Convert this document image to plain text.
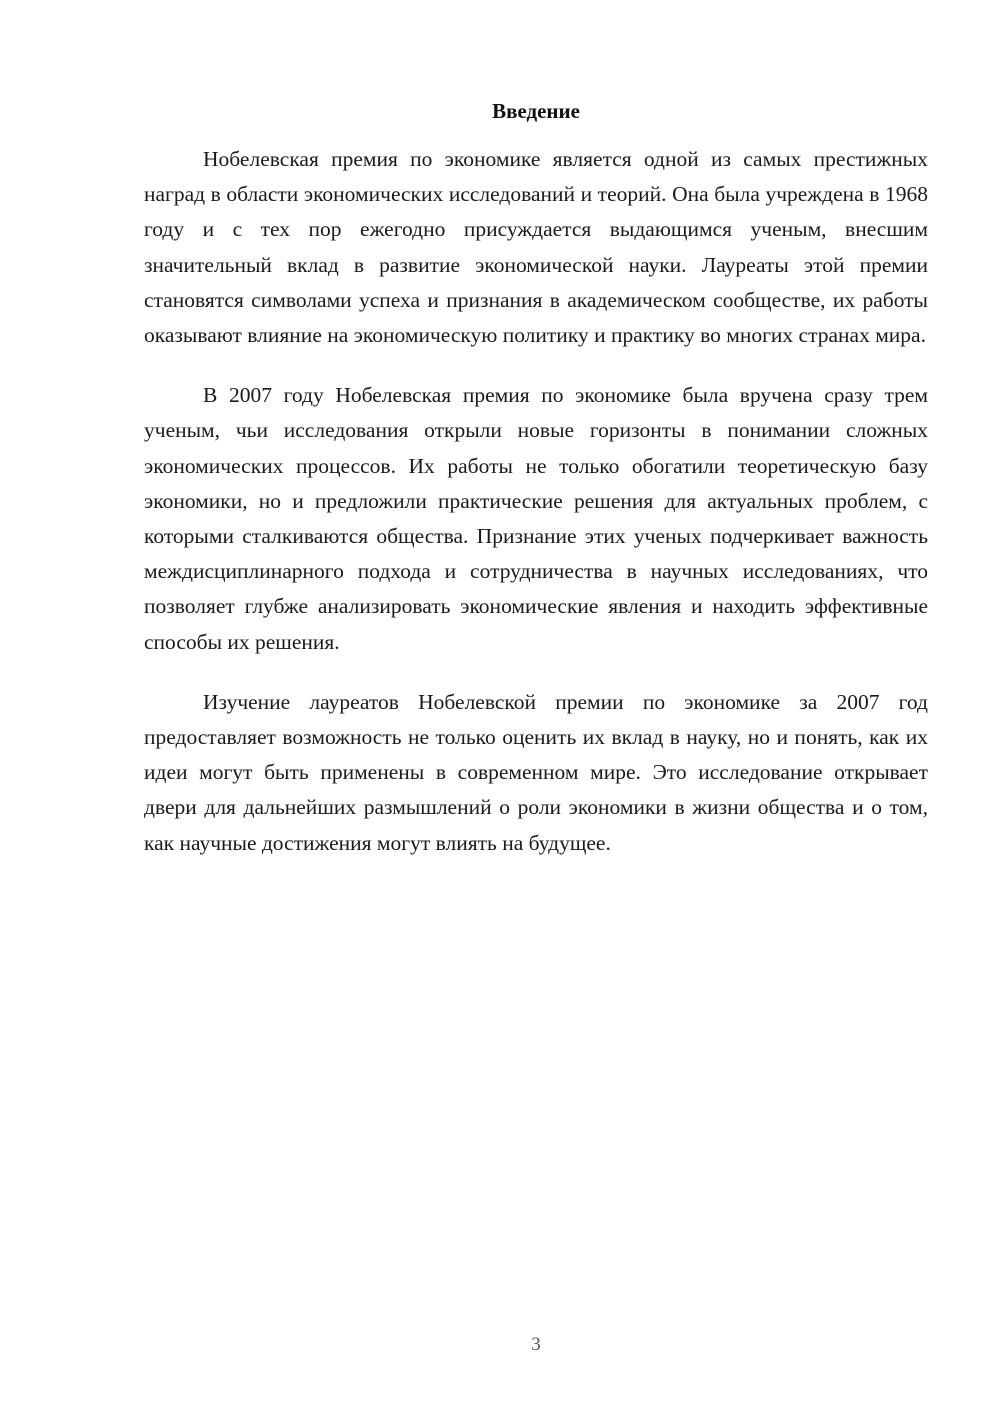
Введение

Нобелевская премия по экономике является одной из самых престижных наград в области экономических исследований и теорий. Она была учреждена в 1968 году и с тех пор ежегодно присуждается выдающимся ученым, внесшим значительный вклад в развитие экономической науки. Лауреаты этой премии становятся символами успеха и признания в академическом сообществе, их работы оказывают влияние на экономическую политику и практику во многих странах мира.

В 2007 году Нобелевская премия по экономике была вручена сразу трем ученым, чьи исследования открыли новые горизонты в понимании сложных экономических процессов. Их работы не только обогатили теоретическую базу экономики, но и предложили практические решения для актуальных проблем, с которыми сталкиваются общества. Признание этих ученых подчеркивает важность междисциплинарного подхода и сотрудничества в научных исследованиях, что позволяет глубже анализировать экономические явления и находить эффективные способы их решения.

Изучение лауреатов Нобелевской премии по экономике за 2007 год предоставляет возможность не только оценить их вклад в науку, но и понять, как их идеи могут быть применены в современном мире. Это исследование открывает двери для дальнейших размышлений о роли экономики в жизни общества и о том, как научные достижения могут влиять на будущее.

3
